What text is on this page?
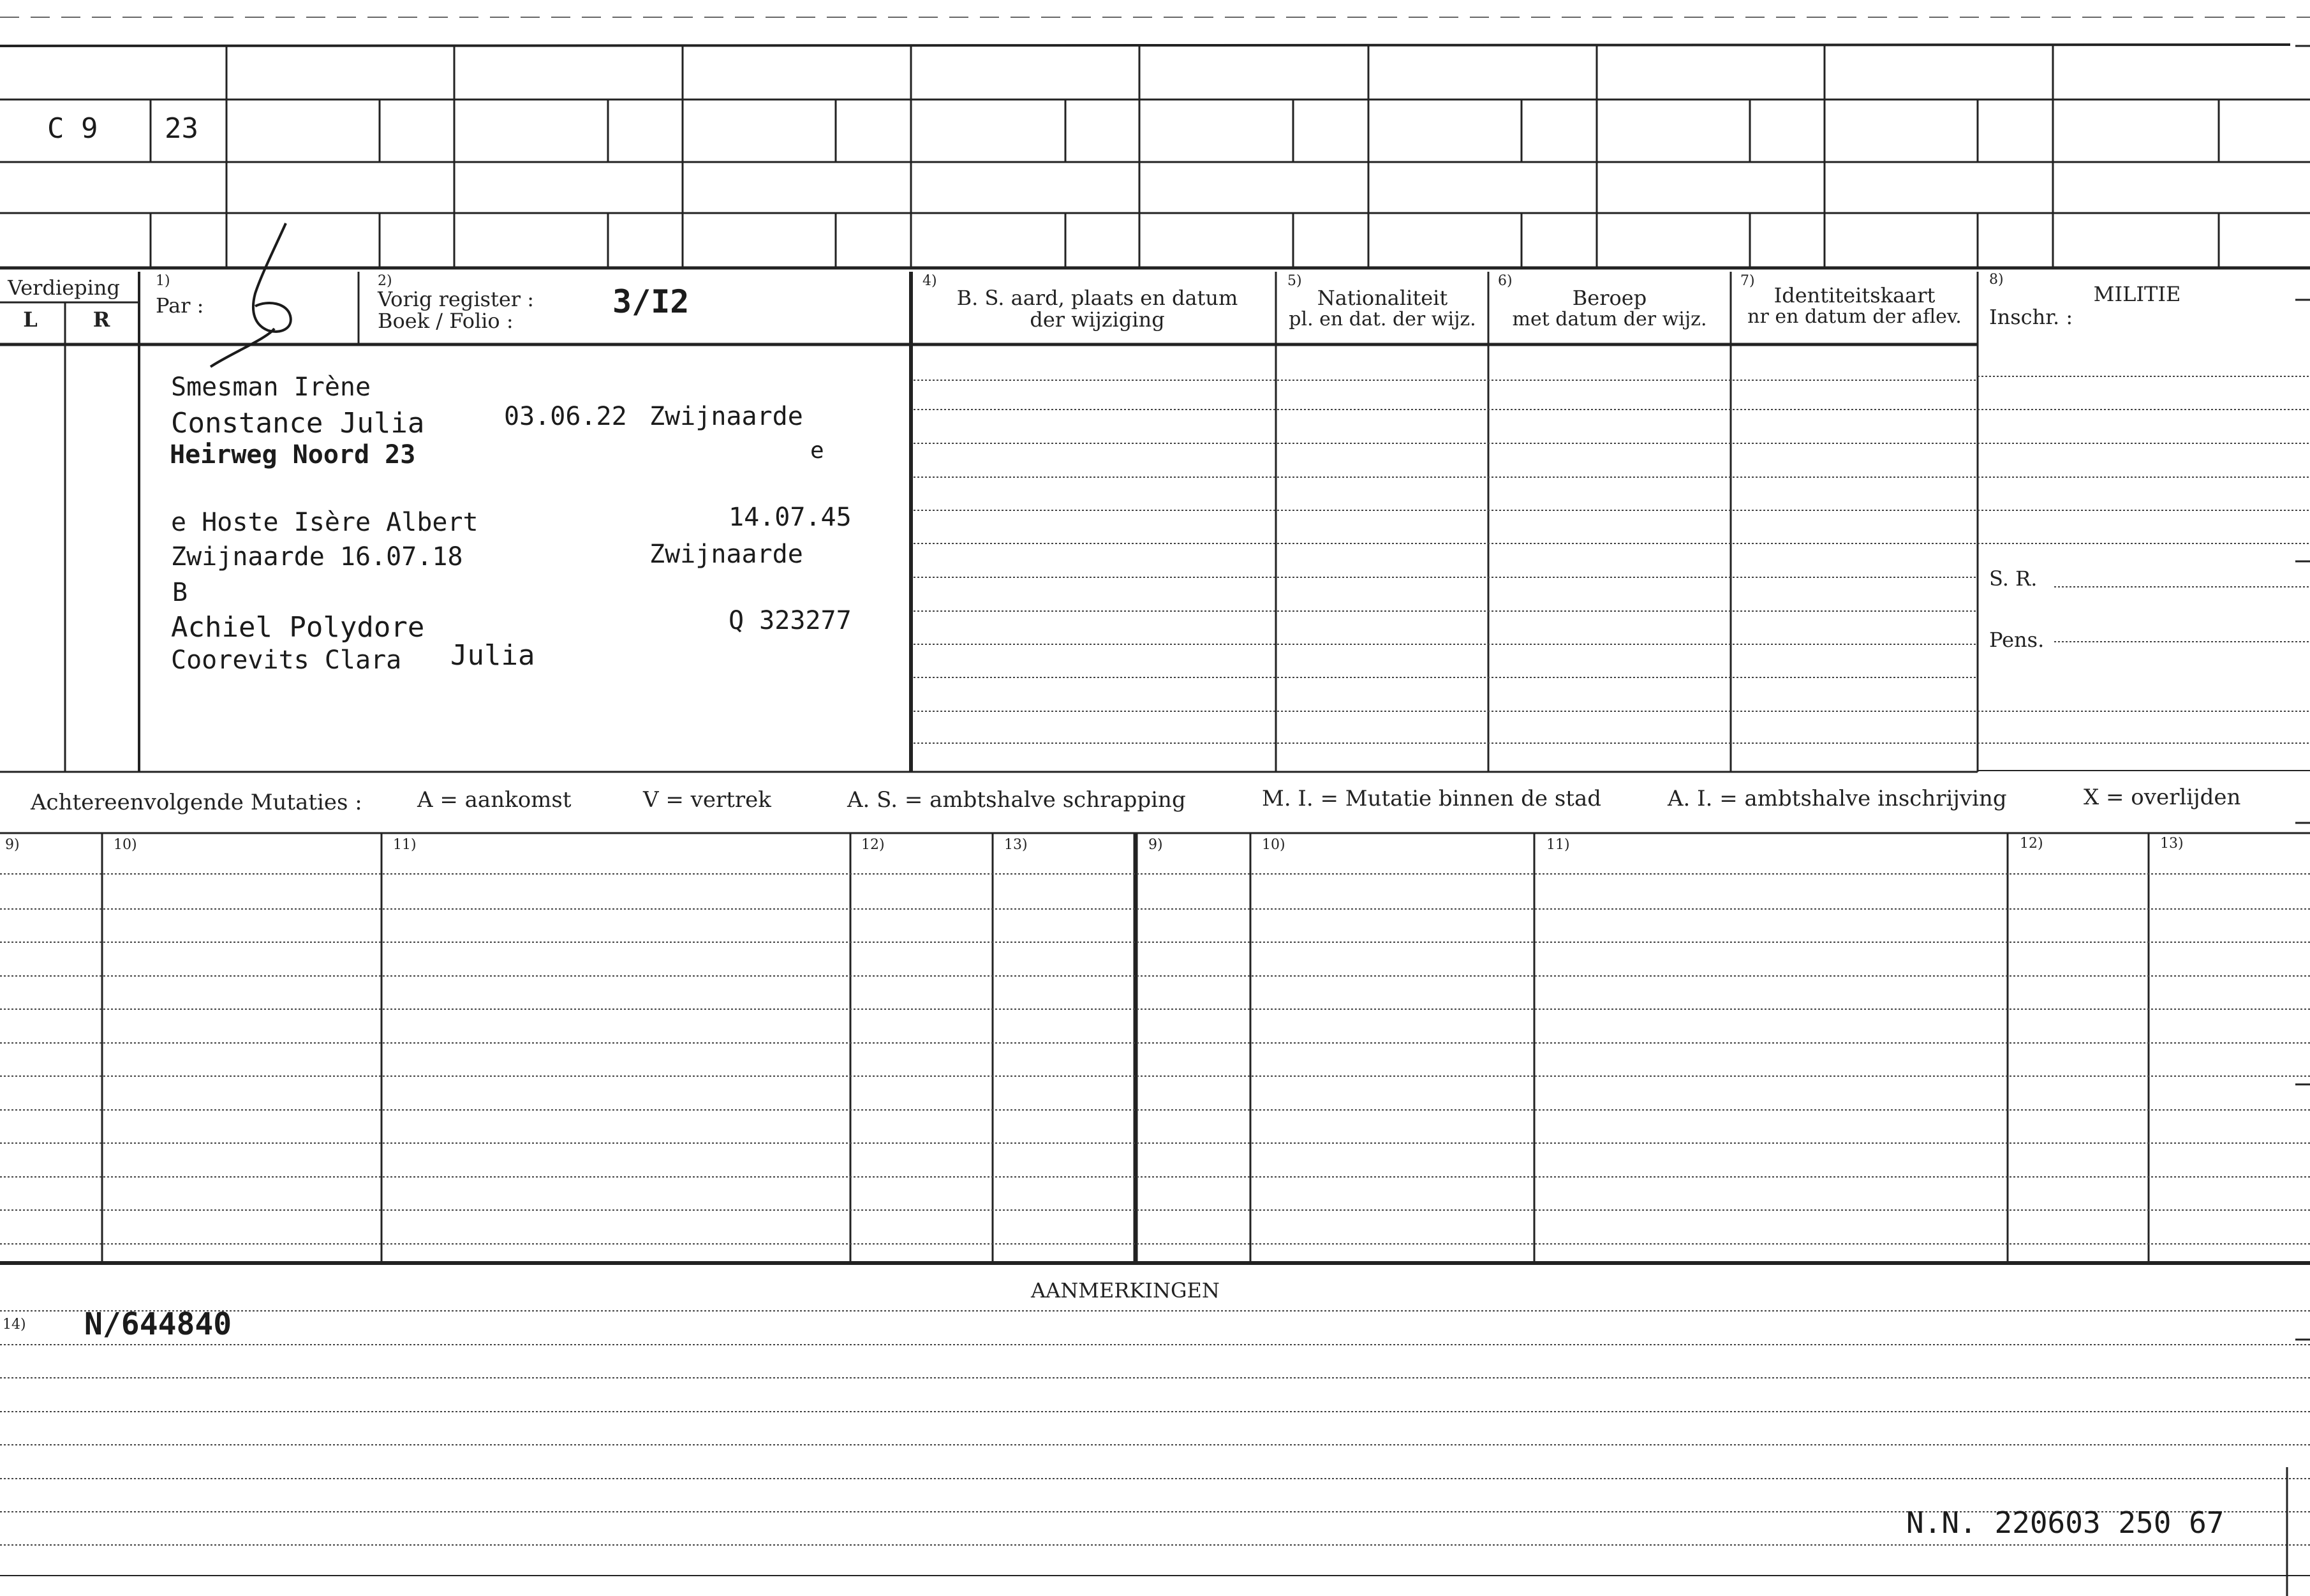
C 9 23
Verdieping
L	R
1)
Par :
2)
Vorig register :
Boek / Folio :
3/I2
4)
B. S. aard, plaats en datum
der wijziging
5)
Nationaliteit
pl. en dat. der wijz.
6)
Beroep
met datum der wijz.
7)
Identiteitskaart
nr en datum der aflev.
8)
MILITIE
Inschr. :
S. R.
Pens.
Smesman Irène
Constance Julia	03.06.22 Zwijnaarde
Heirweg Noord 23	e
e Hoste Isère Albert	14.07.45
Zwijnaarde 16.07.18	Zwijnaarde
B
Achiel Polydore	Q 323277
Coorevits Clara Julia
Achtereenvolgende Mutaties :	A = aankomst	V = vertrek	A. S. = ambtshalve schrapping	M. I. = Mutatie binnen de stad	A. I. = ambtshalve inschrijving	X = overlijden
9)	10)	11)	12)	13)	9)	10)	11)	12)	13)
AANMERKINGEN
14) N/644840
N.N. 220603 250 67
